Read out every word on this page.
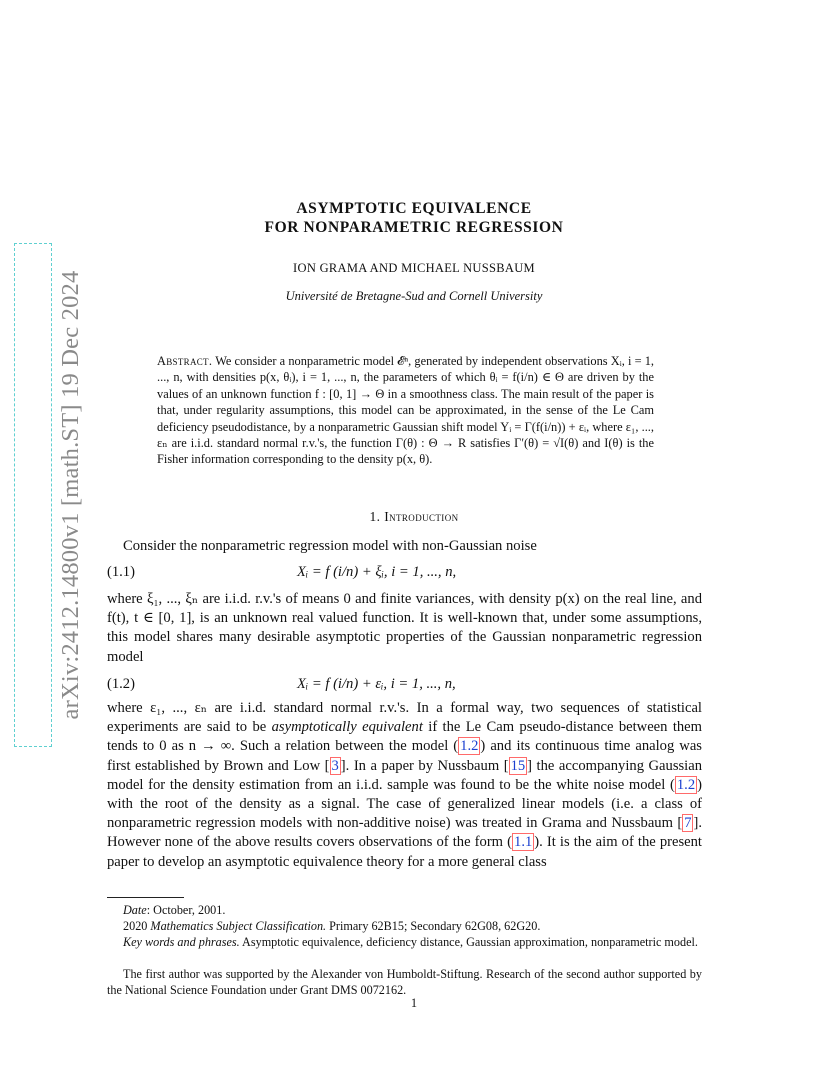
arXiv:2412.14800v1 [math.ST] 19 Dec 2024
ASYMPTOTIC EQUIVALENCE
FOR NONPARAMETRIC REGRESSION
ION GRAMA AND MICHAEL NUSSBAUM
Université de Bretagne-Sud and Cornell University
Abstract. We consider a nonparametric model 𝓔ⁿ, generated by independent observations Xᵢ, i = 1, ..., n, with densities p(x, θᵢ), i = 1, ..., n, the parameters of which θᵢ = f(i/n) ∈ Θ are driven by the values of an unknown function f : [0, 1] → Θ in a smoothness class. The main result of the paper is that, under regularity assumptions, this model can be approximated, in the sense of the Le Cam deficiency pseudodistance, by a nonparametric Gaussian shift model Yᵢ = Γ(f(i/n)) + εᵢ, where ε₁, ..., εₙ are i.i.d. standard normal r.v.'s, the function Γ(θ) : Θ → R satisfies Γ′(θ) = √I(θ) and I(θ) is the Fisher information corresponding to the density p(x, θ).
1. Introduction
Consider the nonparametric regression model with non-Gaussian noise
(1.1)	Xᵢ = f (i/n) + ξᵢ, i = 1, ..., n,
where ξ₁, ..., ξₙ are i.i.d. r.v.'s of means 0 and finite variances, with density p(x) on the real line, and f(t), t ∈ [0, 1], is an unknown real valued function. It is well-known that, under some assumptions, this model shares many desirable asymptotic properties of the Gaussian nonparametric regression model
(1.2)	Xᵢ = f (i/n) + εᵢ, i = 1, ..., n,
where ε₁, ..., εₙ are i.i.d. standard normal r.v.'s. In a formal way, two sequences of statistical experiments are said to be asymptotically equivalent if the Le Cam pseudo-distance between them tends to 0 as n → ∞. Such a relation between the model ( 1.2 ) and its continuous time analog was first established by Brown and Low [ 3 ]. In a paper by Nussbaum [ 15 ] the accompanying Gaussian model for the density estimation from an i.i.d. sample was found to be the white noise model ( 1.2 ) with the root of the density as a signal. The case of generalized linear models (i.e. a class of nonparametric regression models with non-additive noise) was treated in Grama and Nussbaum [ 7 ]. However none of the above results covers observations of the form ( 1.1 ). It is the aim of the present paper to develop an asymptotic equivalence theory for a more general class
Date: October, 2001.
2020 Mathematics Subject Classification. Primary 62B15; Secondary 62G08, 62G20.
Key words and phrases. Asymptotic equivalence, deficiency distance, Gaussian approximation, nonparametric model.
The first author was supported by the Alexander von Humboldt-Stiftung. Research of the second author supported by the National Science Foundation under Grant DMS 0072162.
1
